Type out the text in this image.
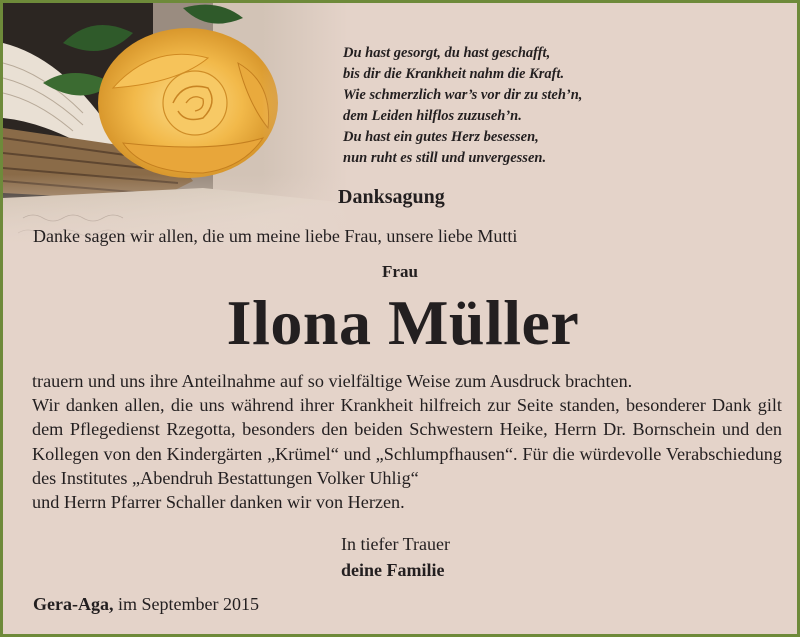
Du hast gesorgt, du hast geschafft,
bis dir die Krankheit nahm die Kraft.
Wie schmerzlich war’s vor dir zu steh’n,
dem Leiden hilflos zuzuseh’n.
Du hast ein gutes Herz besessen,
nun ruht es still und unvergessen.
Danksagung
Danke sagen wir allen, die um meine liebe Frau, unsere liebe Mutti
Frau
Ilona Müller

trauern und uns ihre Anteilnahme auf so vielfältige Weise zum Ausdruck brachten.

Wir danken allen, die uns während ihrer Krankheit hilfreich zur Seite standen, besonderer Dank gilt dem Pflegedienst Rzegotta, besonders den beiden Schwestern Heike, Herrn Dr. Bornschein und den Kollegen von den Kindergärten „Krümel“ und „Schlumpfhausen“. Für die würdevolle Verabschiedung des Institutes „Abendruh Bestattungen Volker Uhlig“

und Herrn Pfarrer Schaller danken wir von Herzen.

In tiefer Trauer
deine Familie
Gera-Aga, im September 2015
